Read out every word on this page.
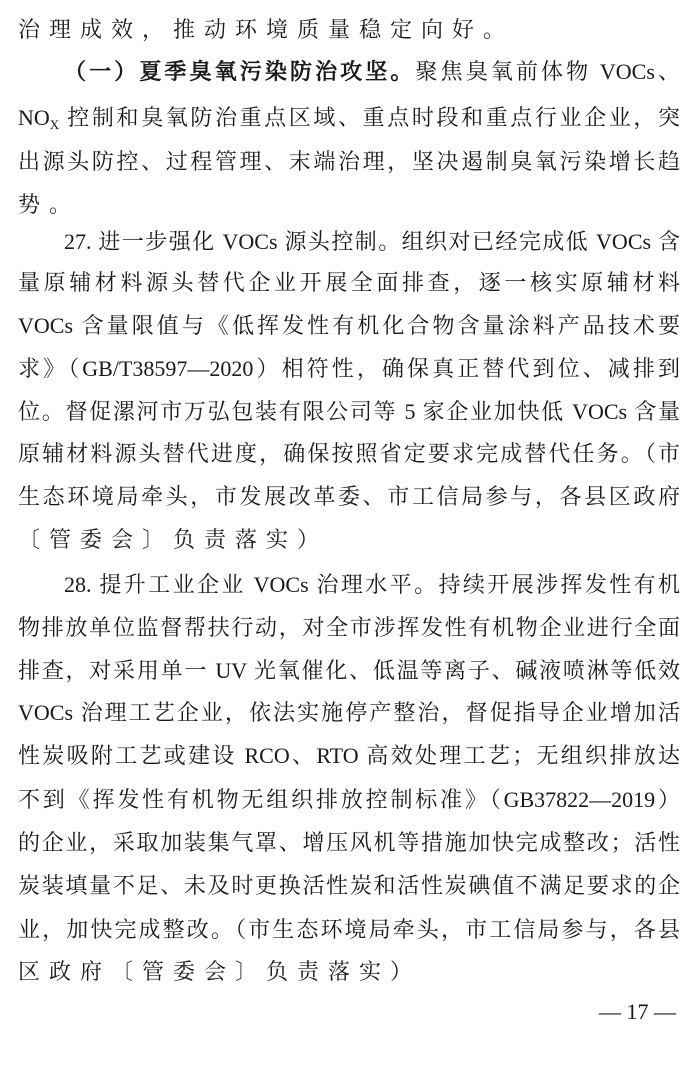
（一）夏季臭氧污染防治攻坚。聚焦臭氧前体物 VOCs、
$NO_X$ 控制和臭氧防治重点区域、重点时段和重点行业企业，突
治理成效，推动环境质量稳定向好。
出源头防控、过程管理、末端治理，坚决遏制臭氧污染增长趋
势。
27. 进一步强化 VOCs 源头控制。组织对已经完成低 VOCs 含
量原辅材料源头替代企业开展全面排查，逐一核实原辅材料
VOCs 含量限值与《低挥发性有机化合物含量涂料产品技术要
求》（GB/T38597—2020）相符性，确保真正替代到位、减排到
位。督促漯河市万弘包装有限公司等 5 家企业加快低 VOCs 含量
原辅材料源头替代进度，确保按照省定要求完成替代任务。（市
生态环境局牵头，市发展改革委、市工信局参与，各县区政府
〔管委会〕负责落实）
28. 提升工业企业 VOCs 治理水平。持续开展涉挥发性有机
物排放单位监督帮扶行动，对全市涉挥发性有机物企业进行全面
排查，对采用单一 UV 光氧催化、低温等离子、碱液喷淋等低效
VOCs 治理工艺企业，依法实施停产整治，督促指导企业增加活
性炭吸附工艺或建设 RCO、RTO 高效处理工艺；无组织排放达
不到《挥发性有机物无组织排放控制标准》（GB37822—2019）
的企业，采取加装集气罩、增压风机等措施加快完成整改；活性
炭装填量不足、未及时更换活性炭和活性炭碘值不满足要求的企
业，加快完成整改。（市生态环境局牵头，市工信局参与，各县
区政府〔管委会〕负责落实）
— 17 —
